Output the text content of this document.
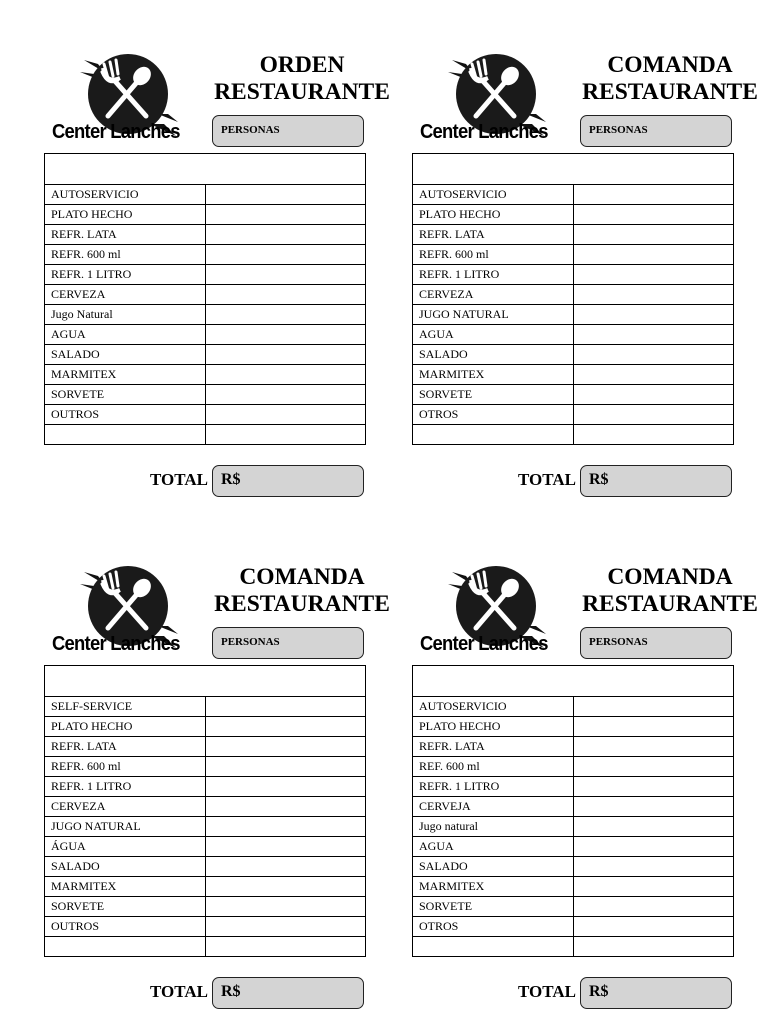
Center Lanches
ORDEN
RESTAURANTE
PERSONAS

AUTOSERVICIO	
PLATO HECHO	
REFR. LATA	
REFR. 600 ml	
REFR. 1 LITRO	
CERVEZA	
Jugo Natural	
AGUA	
SALADO	
MARMITEX	
SORVETE	
OUTROS	

TOTAL R$
Center Lanches
COMANDA
RESTAURANTE
PERSONAS

AUTOSERVICIO	
PLATO HECHO	
REFR. LATA	
REFR. 600 ml	
REFR. 1 LITRO	
CERVEZA	
JUGO NATURAL	
AGUA	
SALADO	
MARMITEX	
SORVETE	
OTROS	

TOTAL R$
Center Lanches
COMANDA
RESTAURANTE
PERSONAS

SELF-SERVICE	
PLATO HECHO	
REFR. LATA	
REFR. 600 ml	
REFR. 1 LITRO	
CERVEZA	
JUGO NATURAL	
ÁGUA	
SALADO	
MARMITEX	
SORVETE	
OUTROS	

TOTAL R$
Center Lanches
COMANDA
RESTAURANTE
PERSONAS

AUTOSERVICIO	
PLATO HECHO	
REFR. LATA	
REF. 600 ml	
REFR. 1 LITRO	
CERVEJA	
Jugo natural	
AGUA	
SALADO	
MARMITEX	
SORVETE	
OTROS	

TOTAL R$
